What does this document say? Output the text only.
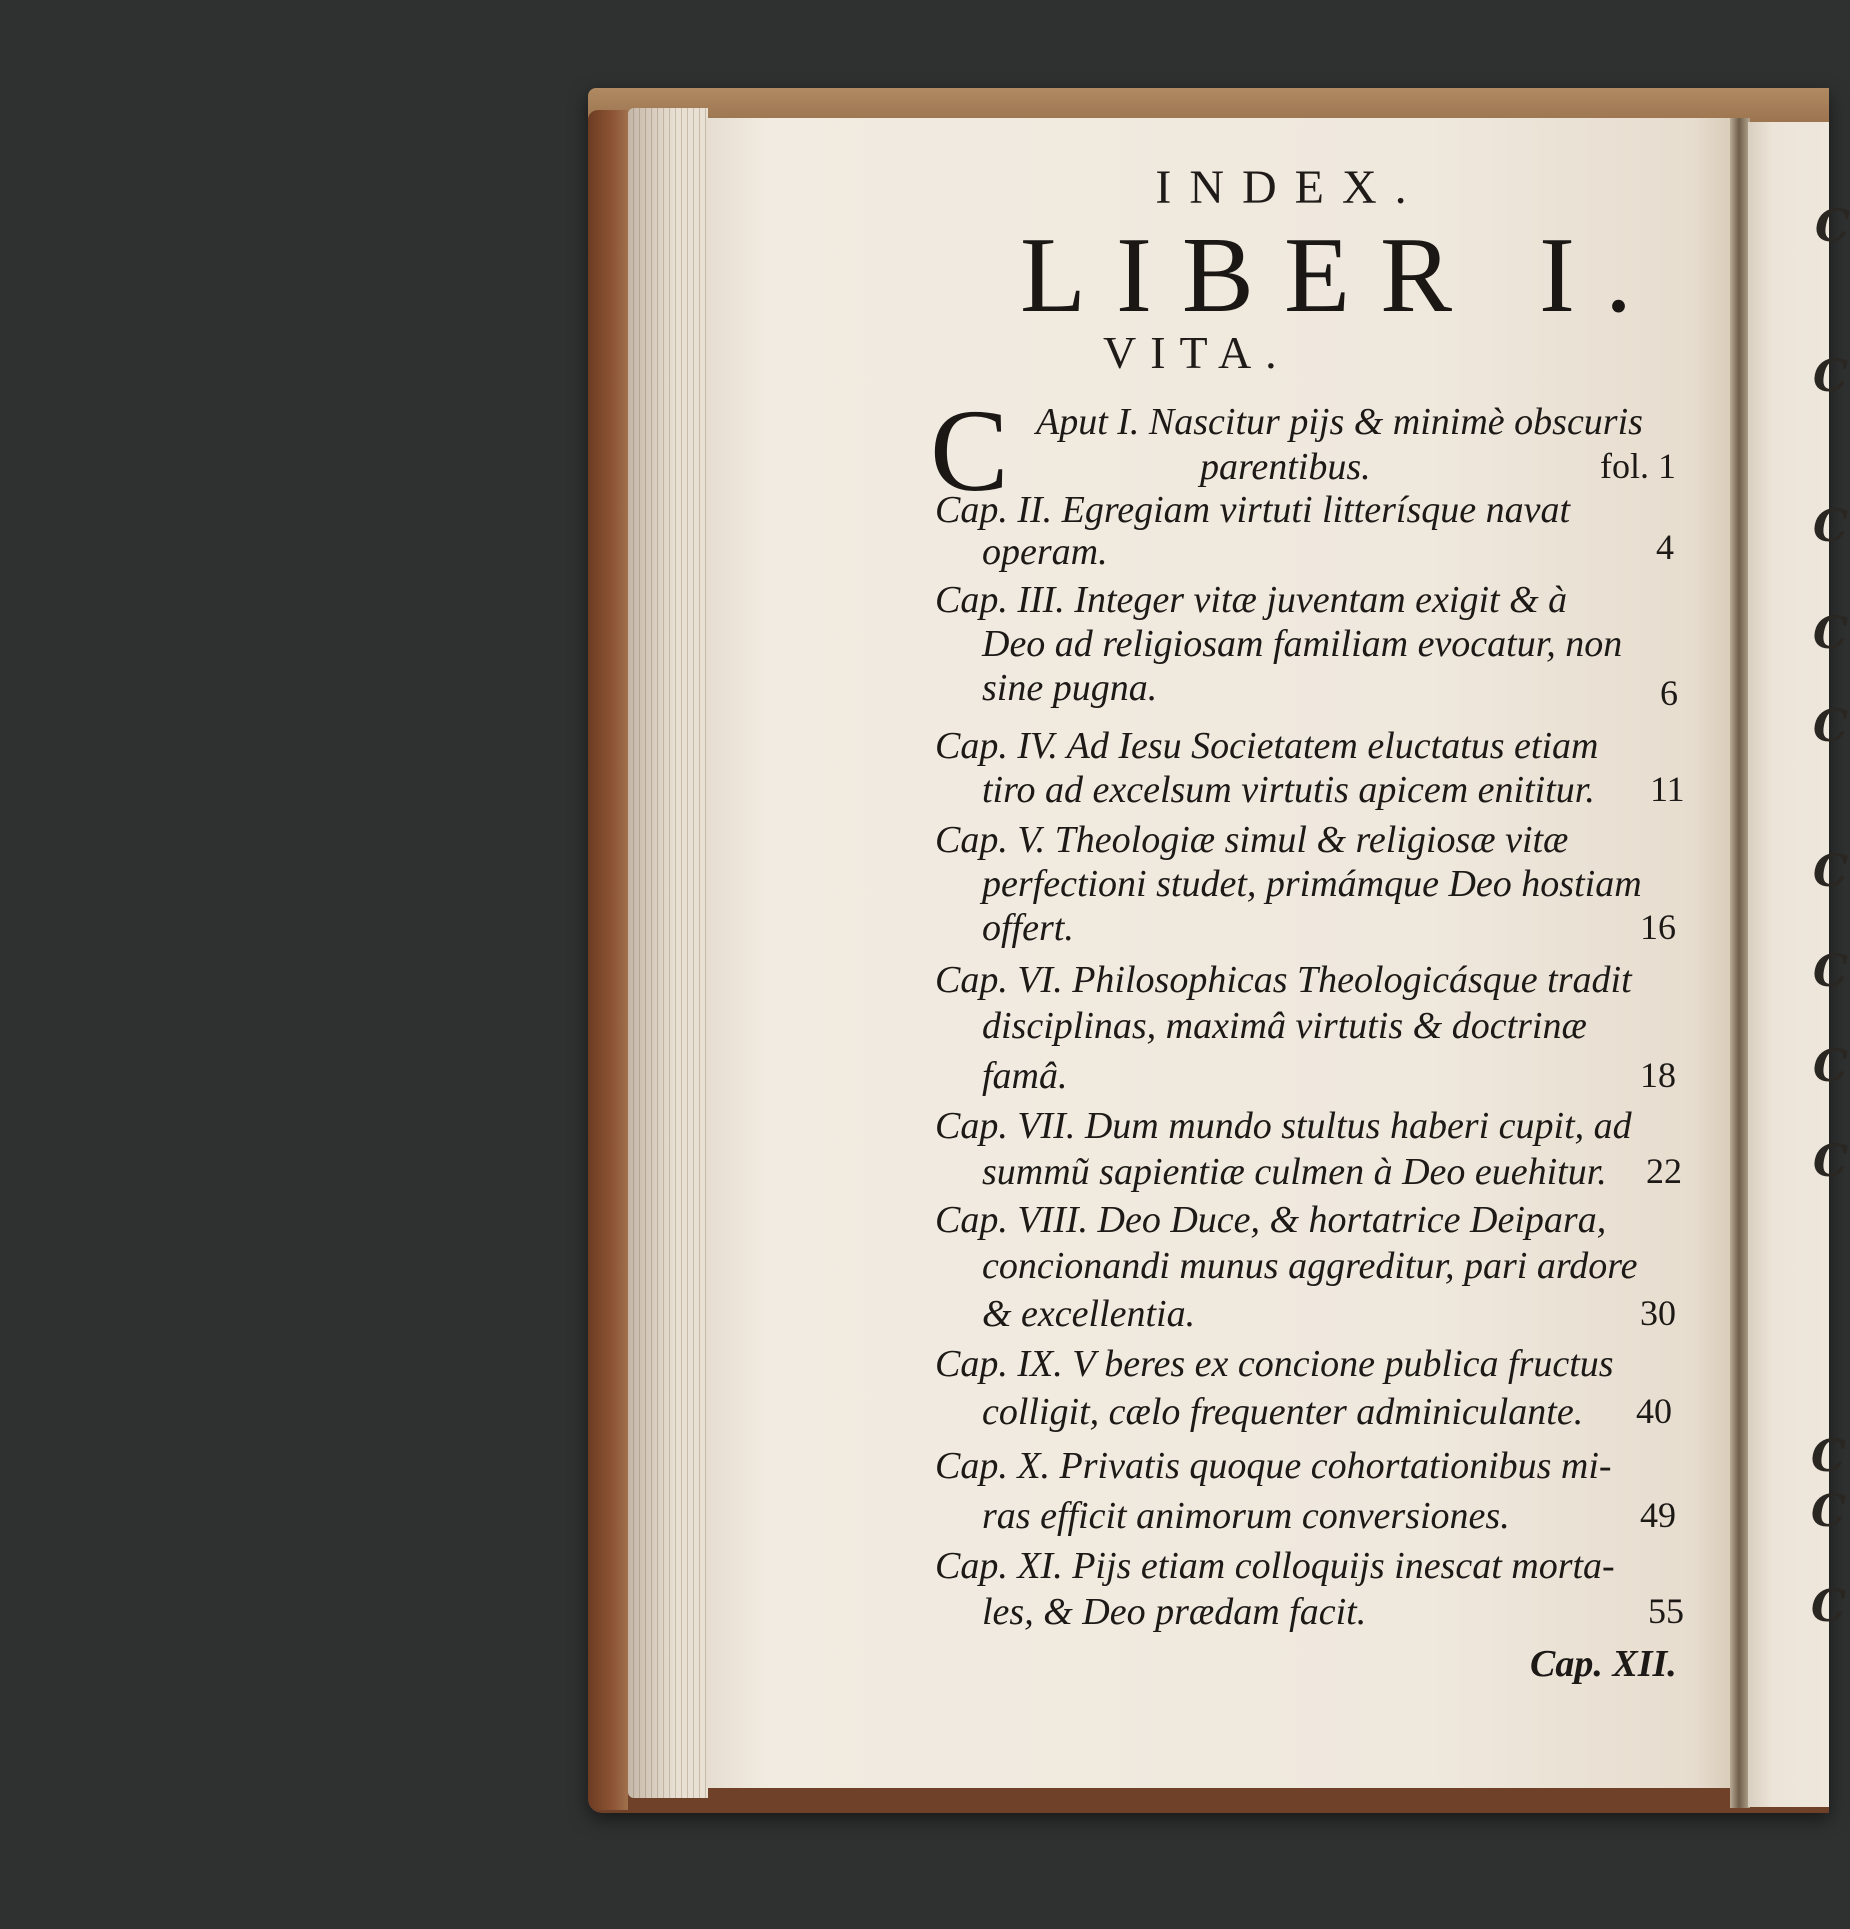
C
C
C
C
C
C
C
C
C
C
C
C
INDEX.
LIBER I.
VITA.
C Aput I. Nascitur pijs & minimè obscuris
parentibus.	fol. 1
Cap. II. Egregiam virtuti litterísque navat
operam.	4
Cap. III. Integer vitæ juventam exigit & à
Deo ad religiosam familiam evocatur, non
sine pugna.	6
Cap. IV. Ad Iesu Societatem eluctatus etiam
tiro ad excelsum virtutis apicem enititur. 11
Cap. V. Theologiæ simul & religiosæ vitæ
perfectioni studet, primámque Deo hostiam
offert.	16
Cap. VI. Philosophicas Theologicásque tradit
disciplinas, maximâ virtutis & doctrinæ
famâ.	18
Cap. VII. Dum mundo stultus haberi cupit, ad
summũ sapientiæ culmen à Deo euehitur. 22
Cap. VIII. Deo Duce, & hortatrice Deipara,
concionandi munus aggreditur, pari ardore
& excellentia.	30
Cap. IX. V beres ex concione publica fructus
colligit, cælo frequenter adminiculante. 40
Cap. X. Privatis quoque cohortationibus mi-
ras efficit animorum conversiones.	49
Cap. XI. Pijs etiam colloquijs inescat morta-
les, & Deo prædam facit.	55
Cap. XII.
